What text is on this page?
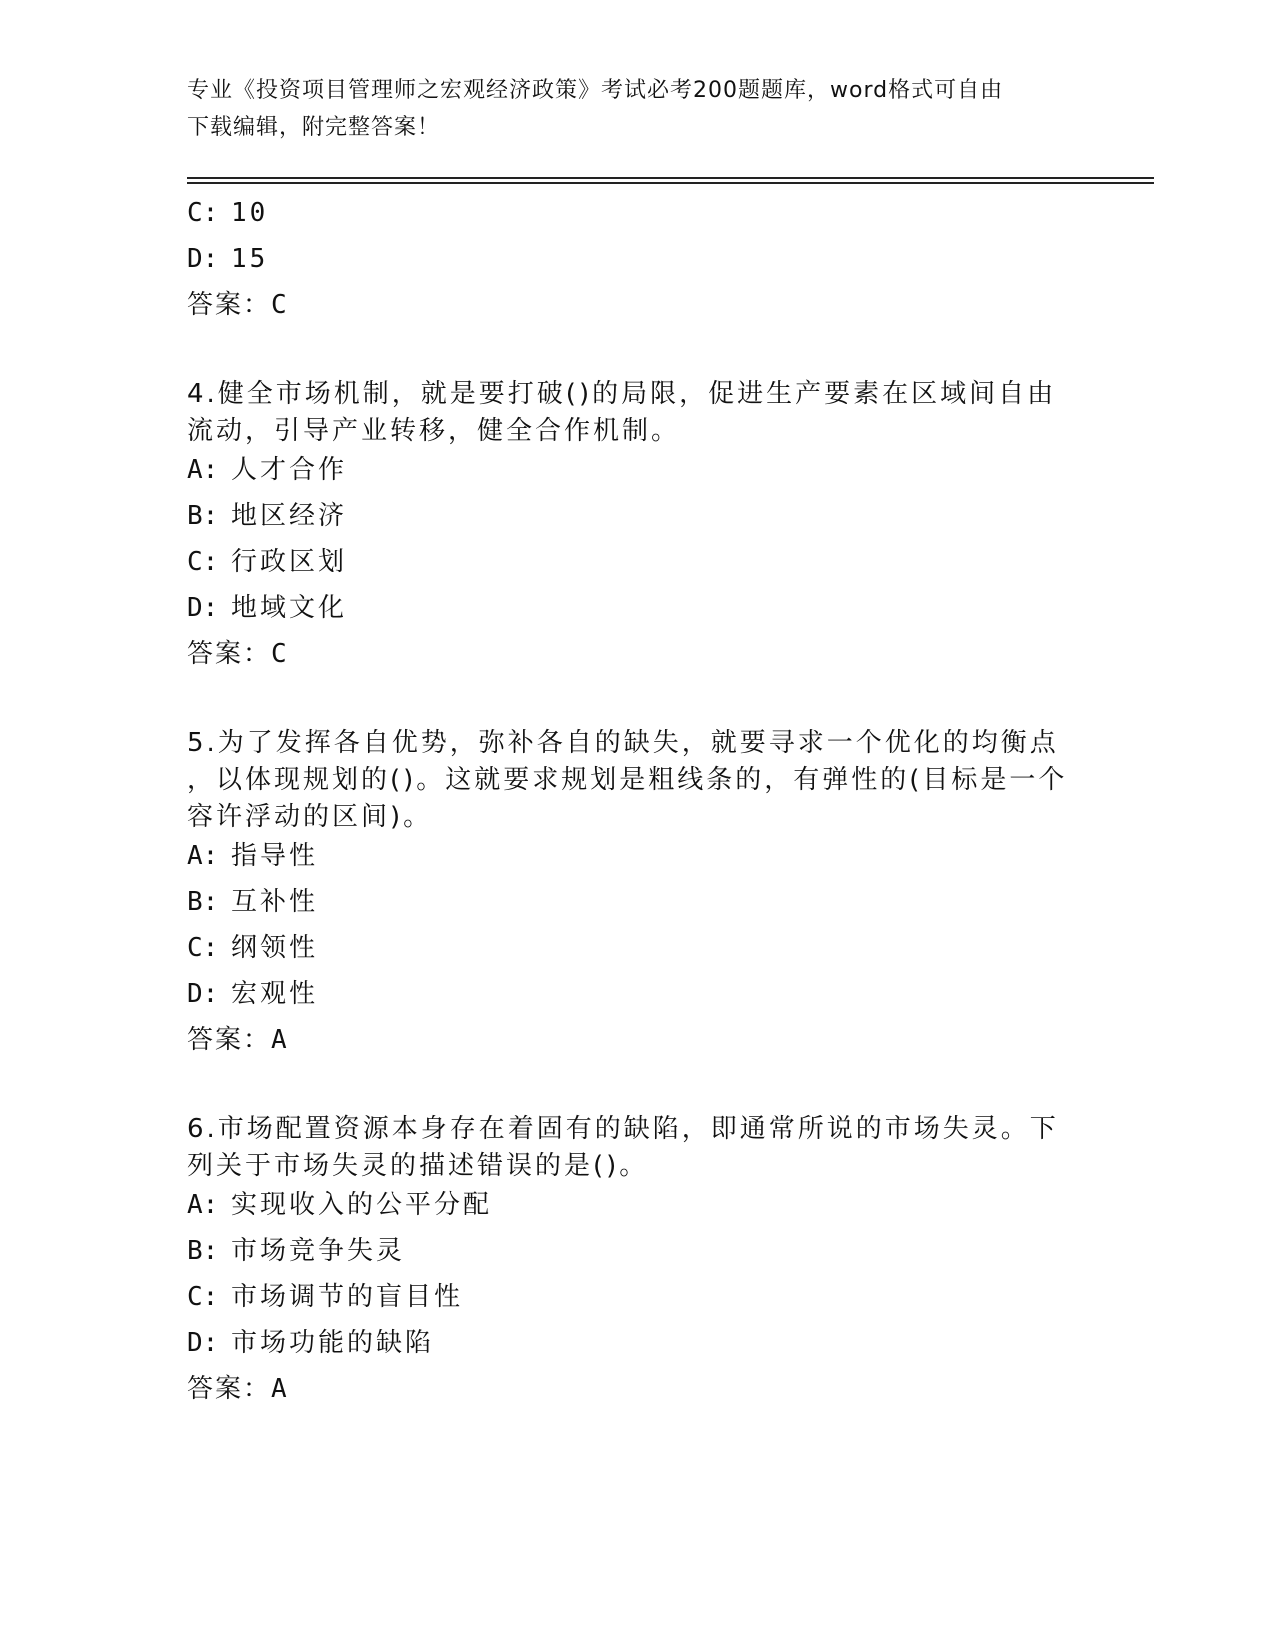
专业《投资项目管理师之宏观经济政策》考试必考200题题库，word格式可自由
下载编辑，附完整答案！
C: 10
D: 15
答案：C
4.健全市场机制，就是要打破()的局限，促进生产要素在区域间自由
流动，引导产业转移，健全合作机制。
A: 人才合作
B: 地区经济
C: 行政区划
D: 地域文化
答案：C
5.为了发挥各自优势，弥补各自的缺失，就要寻求一个优化的均衡点
，以体现规划的()。这就要求规划是粗线条的，有弹性的(目标是一个
容许浮动的区间)。
A: 指导性
B: 互补性
C: 纲领性
D: 宏观性
答案：A
6.市场配置资源本身存在着固有的缺陷，即通常所说的市场失灵。下
列关于市场失灵的描述错误的是()。
A: 实现收入的公平分配
B: 市场竞争失灵
C: 市场调节的盲目性
D: 市场功能的缺陷
答案：A
